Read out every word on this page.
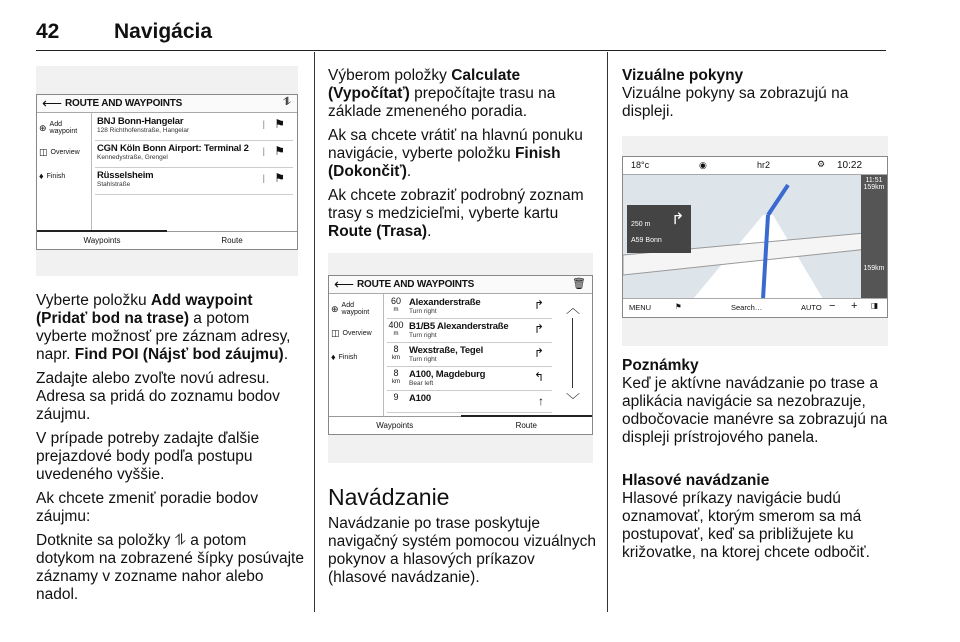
42	Navigácia
⟵ ROUTE AND WAYPOINTS	⥮
⊕ Add waypoint
◫ Overview
♦ Finish
BNJ Bonn-Hangelar
128 Richthofenstraße, Hangelar
| ⚑
CGN Köln Bonn Airport: Terminal 2
Kennedystraße, Grengel
| ⚑
Rüsselsheim
Stahlstraße
| ⚑
Waypoints	Route

Vyberte položku Add waypoint (Pridať bod na trase) a potom vyberte možnosť pre záznam adresy, napr. Find POI (Nájsť bod záujmu).

Zadajte alebo zvoľte novú adresu. Adresa sa pridá do zoznamu bodov záujmu.

V prípade potreby zadajte ďalšie prejazdové body podľa postupu uvedeného vyššie.

Ak chcete zmeniť poradie bodov záujmu:

Dotknite sa položky ⥮ a potom dotykom na zobrazené šípky posúvajte záznamy v zozname nahor alebo nadol.

Výberom položky Calculate (Vypočítať) prepočítajte trasu na základe zmeneného poradia.

Ak sa chcete vrátiť na hlavnú ponuku navigácie, vyberte položku Finish (Dokončiť).

Ak chcete zobraziť podrobný zoznam trasy s medzicieľmi, vyberte kartu Route (Trasa).

⟵ ROUTE AND WAYPOINTS	🗑
⊕ Add waypoint
◫ Overview
♦ Finish
60
m
Alexanderstraße
Turn right	↱
400
m
B1/B5 Alexanderstraße
Turn right	↱
8
km
Wexstraße, Tegel
Turn right	↱
8
km
A100, Magdeburg
Bear left	↰
9	A100	↑
︿
﹀
Waypoints	Route
Navádzanie
Navádzanie po trase poskytuje navigačný systém pomocou vizuálnych pokynov a hlasových príkazov (hlasové navádzanie).
Vizuálne pokyny

Vizuálne pokyny sa zobrazujú na displeji.

18°c	◉	hr2	⚙ 10:22
↱
250 m
A59 Bonn
11:51
159km
159km
MENU	⚑	Search…	AUTO − + ◨
Poznámky
Keď je aktívne navádzanie po trase a aplikácia navigácie sa nezobrazuje, odbočovacie manévre sa zobrazujú na displeji prístrojového panela.
Hlasové navádzanie
Hlasové príkazy navigácie budú oznamovať, ktorým smerom sa má postupovať, keď sa približujete ku križovatke, na ktorej chcete odbočiť.
